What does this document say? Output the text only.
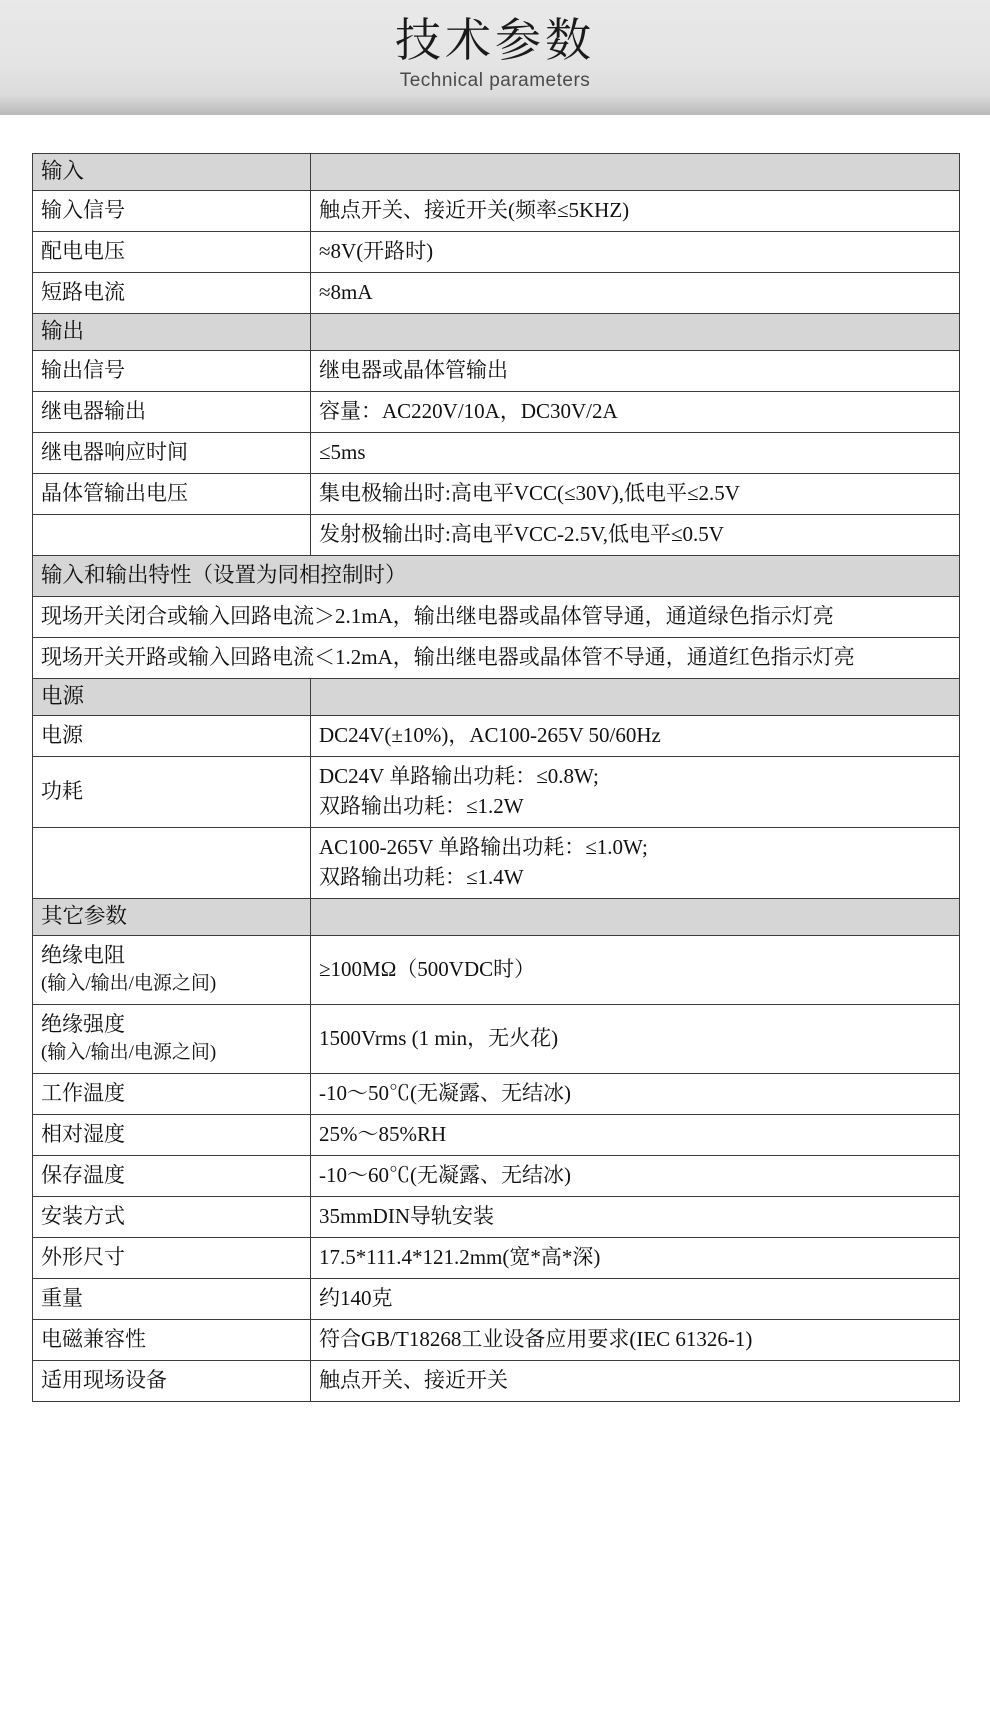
技术参数
Technical parameters
输入	
输入信号	触点开关、接近开关(频率≤5KHZ)
配电电压	≈8V(开路时)
短路电流	≈8mA
输出	
输出信号	继电器或晶体管输出
继电器输出	容量：AC220V/10A，DC30V/2A
继电器响应时间	≤5ms
晶体管输出电压	集电极输出时:高电平VCC(≤30V),低电平≤2.5V
	发射极输出时:高电平VCC-2.5V,低电平≤0.5V
输入和输出特性（设置为同相控制时）	
现场开关闭合或输入回路电流＞2.1mA，输出继电器或晶体管导通，通道绿色指示灯亮	
现场开关开路或输入回路电流＜1.2mA，输出继电器或晶体管不导通，通道红色指示灯亮	
电源	
电源	DC24V(±10%)，AC100-265V 50/60Hz
功耗	DC24V 单路输出功耗：≤0.8W;
双路输出功耗：≤1.2W

	AC100-265V 单路输出功耗：≤1.0W;
双路输出功耗：≤1.4W

其它参数	

绝缘电阻
(输入/输出/电源之间)	≥100MΩ（500VDC时）

绝缘强度
(输入/输出/电源之间)	1500Vrms (1 min，无火花)
工作温度	-10～50℃(无凝露、无结冰)
相对湿度	25%～85%RH
保存温度	-10～60℃(无凝露、无结冰)
安装方式	35mmDIN导轨安装
外形尺寸	17.5*111.4*121.2mm(宽*高*深)
重量	约140克
电磁兼容性	符合GB/T18268工业设备应用要求(IEC 61326-1)
适用现场设备	触点开关、接近开关
